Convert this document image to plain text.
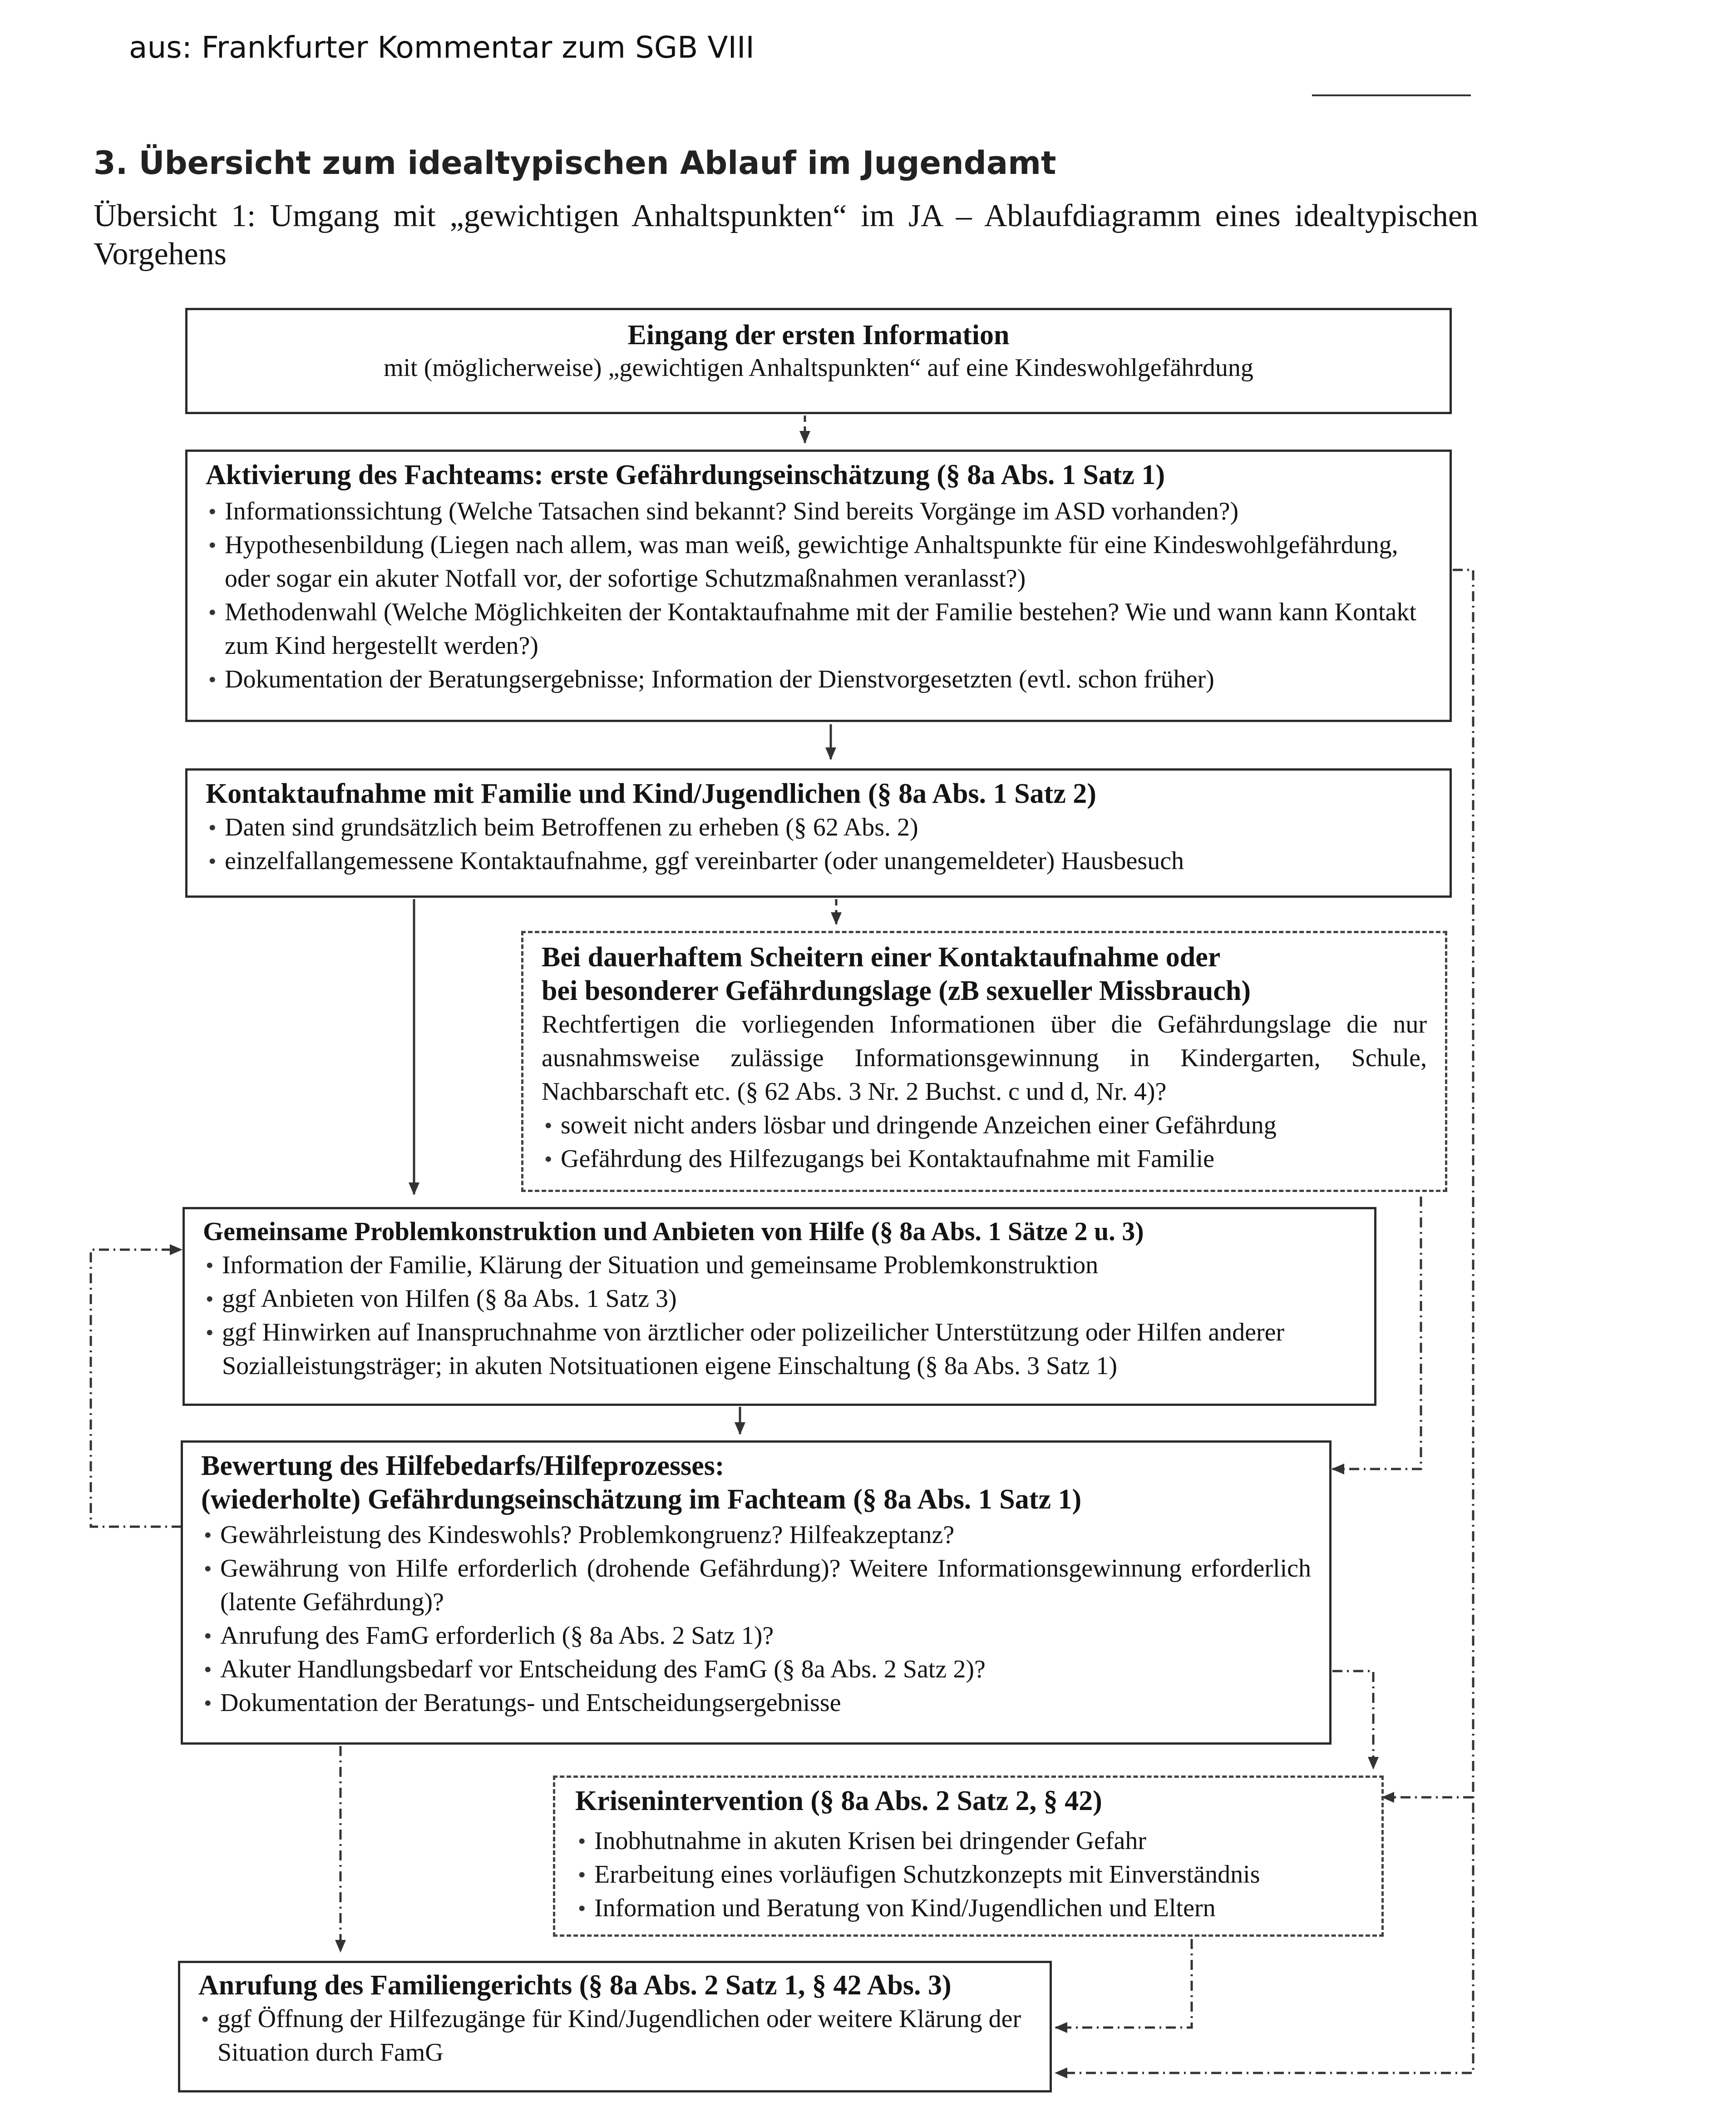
aus: Frankfurter Kommentar zum SGB VIII
3. Übersicht zum idealtypischen Ablauf im Jugendamt
Übersicht 1: Umgang mit „gewichtigen Anhaltspunkten“ im JA – Ablaufdiagramm eines idealtypischen Vorgehens
Eingang der ersten Information
mit (möglicherweise) „gewichtigen Anhaltspunkten“ auf eine Kindeswohlgefährdung
Aktivierung des Fachteams: erste Gefährdungseinschätzung (§ 8a Abs. 1 Satz 1)
• Informationssichtung (Welche Tatsachen sind bekannt? Sind bereits Vorgänge im ASD vorhanden?)
• Hypothesenbildung (Liegen nach allem, was man weiß, gewichtige Anhaltspunkte für eine Kindeswohlgefährdung, oder sogar ein akuter Notfall vor, der sofortige Schutzmaßnahmen veranlasst?)
• Methodenwahl (Welche Möglichkeiten der Kontaktaufnahme mit der Familie bestehen? Wie und wann kann Kontakt zum Kind hergestellt werden?)
• Dokumentation der Beratungsergebnisse; Information der Dienstvorgesetzten (evtl. schon früher)
Kontaktaufnahme mit Familie und Kind/Jugendlichen (§ 8a Abs. 1 Satz 2)
• Daten sind grundsätzlich beim Betroffenen zu erheben (§ 62 Abs. 2)
• einzelfallangemessene Kontaktaufnahme, ggf vereinbarter (oder unangemeldeter) Hausbesuch
Bei dauerhaftem Scheitern einer Kontaktaufnahme oder
bei besonderer Gefährdungslage (zB sexueller Missbrauch)
Rechtfertigen die vorliegenden Informationen über die Gefährdungslage die nur ausnahmsweise zulässige Informationsgewinnung in Kindergarten, Schule, Nachbarschaft etc. (§ 62 Abs. 3 Nr. 2 Buchst. c und d, Nr. 4)?
• soweit nicht anders lösbar und dringende Anzeichen einer Gefährdung
• Gefährdung des Hilfezugangs bei Kontaktaufnahme mit Familie
Gemeinsame Problemkonstruktion und Anbieten von Hilfe (§ 8a Abs. 1 Sätze 2 u. 3)
• Information der Familie, Klärung der Situation und gemeinsame Problemkonstruktion
• ggf Anbieten von Hilfen (§ 8a Abs. 1 Satz 3)
• ggf Hinwirken auf Inanspruchnahme von ärztlicher oder polizeilicher Unterstützung oder Hilfen anderer Sozialleistungsträger; in akuten Notsituationen eigene Einschaltung (§ 8a Abs. 3 Satz 1)
Bewertung des Hilfebedarfs/Hilfeprozesses:
(wiederholte) Gefährdungseinschätzung im Fachteam (§ 8a Abs. 1 Satz 1)
• Gewährleistung des Kindeswohls? Problemkongruenz? Hilfeakzeptanz?
• Gewährung von Hilfe erforderlich (drohende Gefährdung)? Weitere Informationsgewinnung erforderlich (latente Gefährdung)?
• Anrufung des FamG erforderlich (§ 8a Abs. 2 Satz 1)?
• Akuter Handlungsbedarf vor Entscheidung des FamG (§ 8a Abs. 2 Satz 2)?
• Dokumentation der Beratungs- und Entscheidungsergebnisse
Krisenintervention (§ 8a Abs. 2 Satz 2, § 42)
• Inobhutnahme in akuten Krisen bei dringender Gefahr
• Erarbeitung eines vorläufigen Schutzkonzepts mit Einverständnis
• Information und Beratung von Kind/Jugendlichen und Eltern
Anrufung des Familiengerichts (§ 8a Abs. 2 Satz 1, § 42 Abs. 3)
• ggf Öffnung der Hilfezugänge für Kind/Jugendlichen oder weitere Klärung der Situation durch FamG
